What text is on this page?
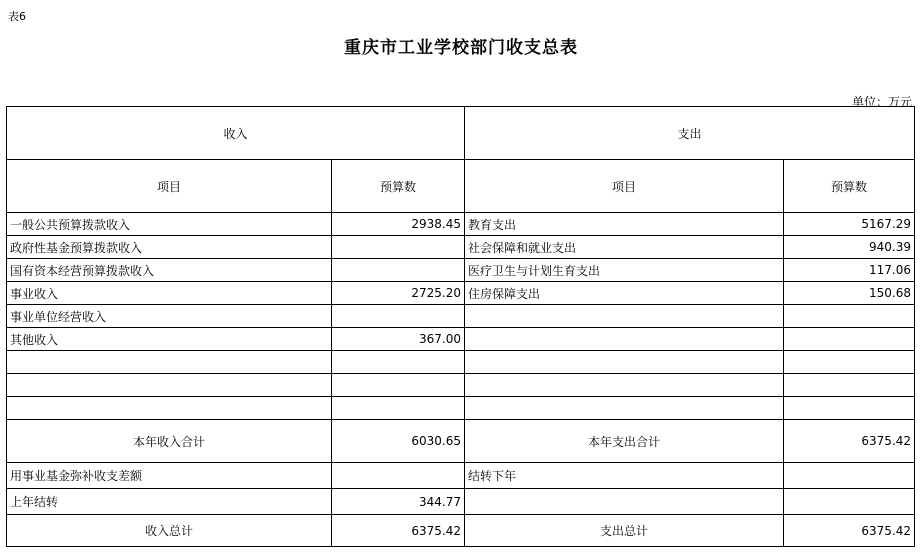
表6
重庆市工业学校部门收支总表
单位：万元
收入		支出	
项目	预算数	项目	预算数
一般公共预算拨款收入	2938.45	教育支出	5167.29
政府性基金预算拨款收入		社会保障和就业支出	940.39
国有资本经营预算拨款收入		医疗卫生与计划生育支出	117.06
事业收入	2725.20	住房保障支出	150.68
事业单位经营收入			
其他收入	367.00		

本年收入合计	6030.65	本年支出合计	6375.42
用事业基金弥补收支差额		结转下年	
上年结转	344.77		
收入总计	6375.42	支出总计	6375.42
